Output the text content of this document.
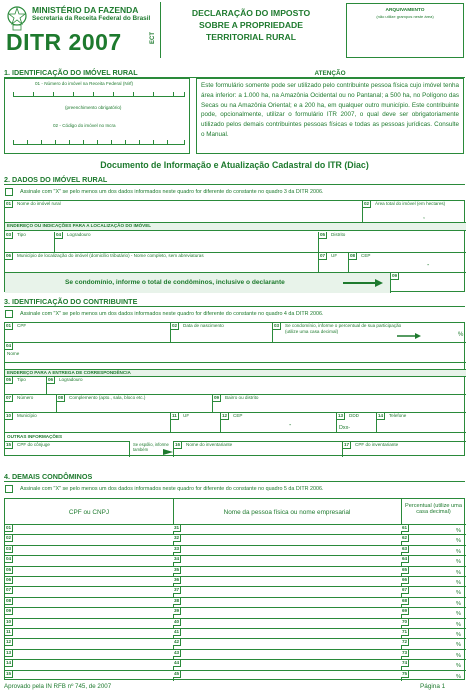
MINISTÉRIO DA FAZENDA
Secretaria da Receita Federal do Brasil
DITR 2007	ECT
DECLARAÇÃO DO IMPOSTO
SOBRE A PROPRIEDADE
TERRITORIAL RURAL
ARQUIVAMENTO
(não utilize grampos neste área)
1. IDENTIFICAÇÃO DO IMÓVEL RURAL
01 - Número do imóvel na Receita Federal (Nirf)
(preenchimento obrigatório)
02 - Código do imóvel no Incra
ATENÇÃO
Este formulário somente pode ser utilizado pelo contribuinte pessoa física cujo imóvel tenha área inferior: a 1.000 ha, na Amazônia Ocidental ou no Pantanal; a 500 ha, no Polígono das Secas ou na Amazônia Oriental; e a 200 ha, em qualquer outro município. Este contribuinte pode, opcionalmente, utilizar o formulário ITR 2007, o qual deve ser obrigatoriamente utilizado pelos demais contribuintes pessoas físicas e todas as pessoas jurídicas. Consulte o Manual.
Documento de Informação e Atualização Cadastral do ITR (Diac)
2. DADOS DO IMÓVEL RURAL
Assinale com "X" se pelo menos um dos dados informados neste quadro for diferente do constante no quadro 3 da DITR 2006.
01	Nome do imóvel rural	02	Área total do imóvel (em hectares)
,
ENDEREÇO OU INDICAÇÕES PARA A LOCALIZAÇÃO DO IMÓVEL
03	Tipo	04	Logradouro	05	Distrito
06	Município de localização do imóvel (domicílio tributário) - Nome completo, sem abreviaturas	07	UF	08	CEP
-
Se condomínio, informe o total de condôminos, inclusive o declarante
09
3. IDENTIFICAÇÃO DO CONTRIBUINTE
Assinale com "X" se pelo menos um dos dados informados neste quadro for diferente do constante no quadro 4 da DITR 2006.
01	CPF	02	Data de nascimento	03	Se condomínio, informe o percentual de sua participação (utilize uma casa decimal)
%
04
Nome
ENDEREÇO PARA A ENTREGA DE CORRESPONDÊNCIA
05	Tipo	06	Logradouro
07	Número	08	Complemento (apto., sala, bloco etc.)	09	Bairro ou distrito
10	Município	11	UF	12	CEP
-
13	DDD
Dxx-
14	Telefone
OUTRAS INFORMAÇÕES
15	CPF do cônjuge	Se espólio, informe também
16	Nome do inventariante	17	CPF do inventariante
4. DEMAIS CONDÔMINOS
Assinale com "X" se pelo menos um dos dados informados neste quadro for diferente do constante no quadro 5 da DITR 2006.
CPF ou CNPJ	Nome da pessoa física ou nome empresarial
Percentual (utilize uma casa decimal)
01	31	61
%
02	32	62
%
03	33	63
%
04	34	64
%
05	35	65
%
06	36	66
%
07	37	67
%
08	38	68
%
09	39	69
%
10	40	70
%
11	41	71
%
12	42	72
%
13	43	73
%
14	44	74
%
15	45	75
%
Aprovado pela IN RFB nº 745, de 2007	Página 1
